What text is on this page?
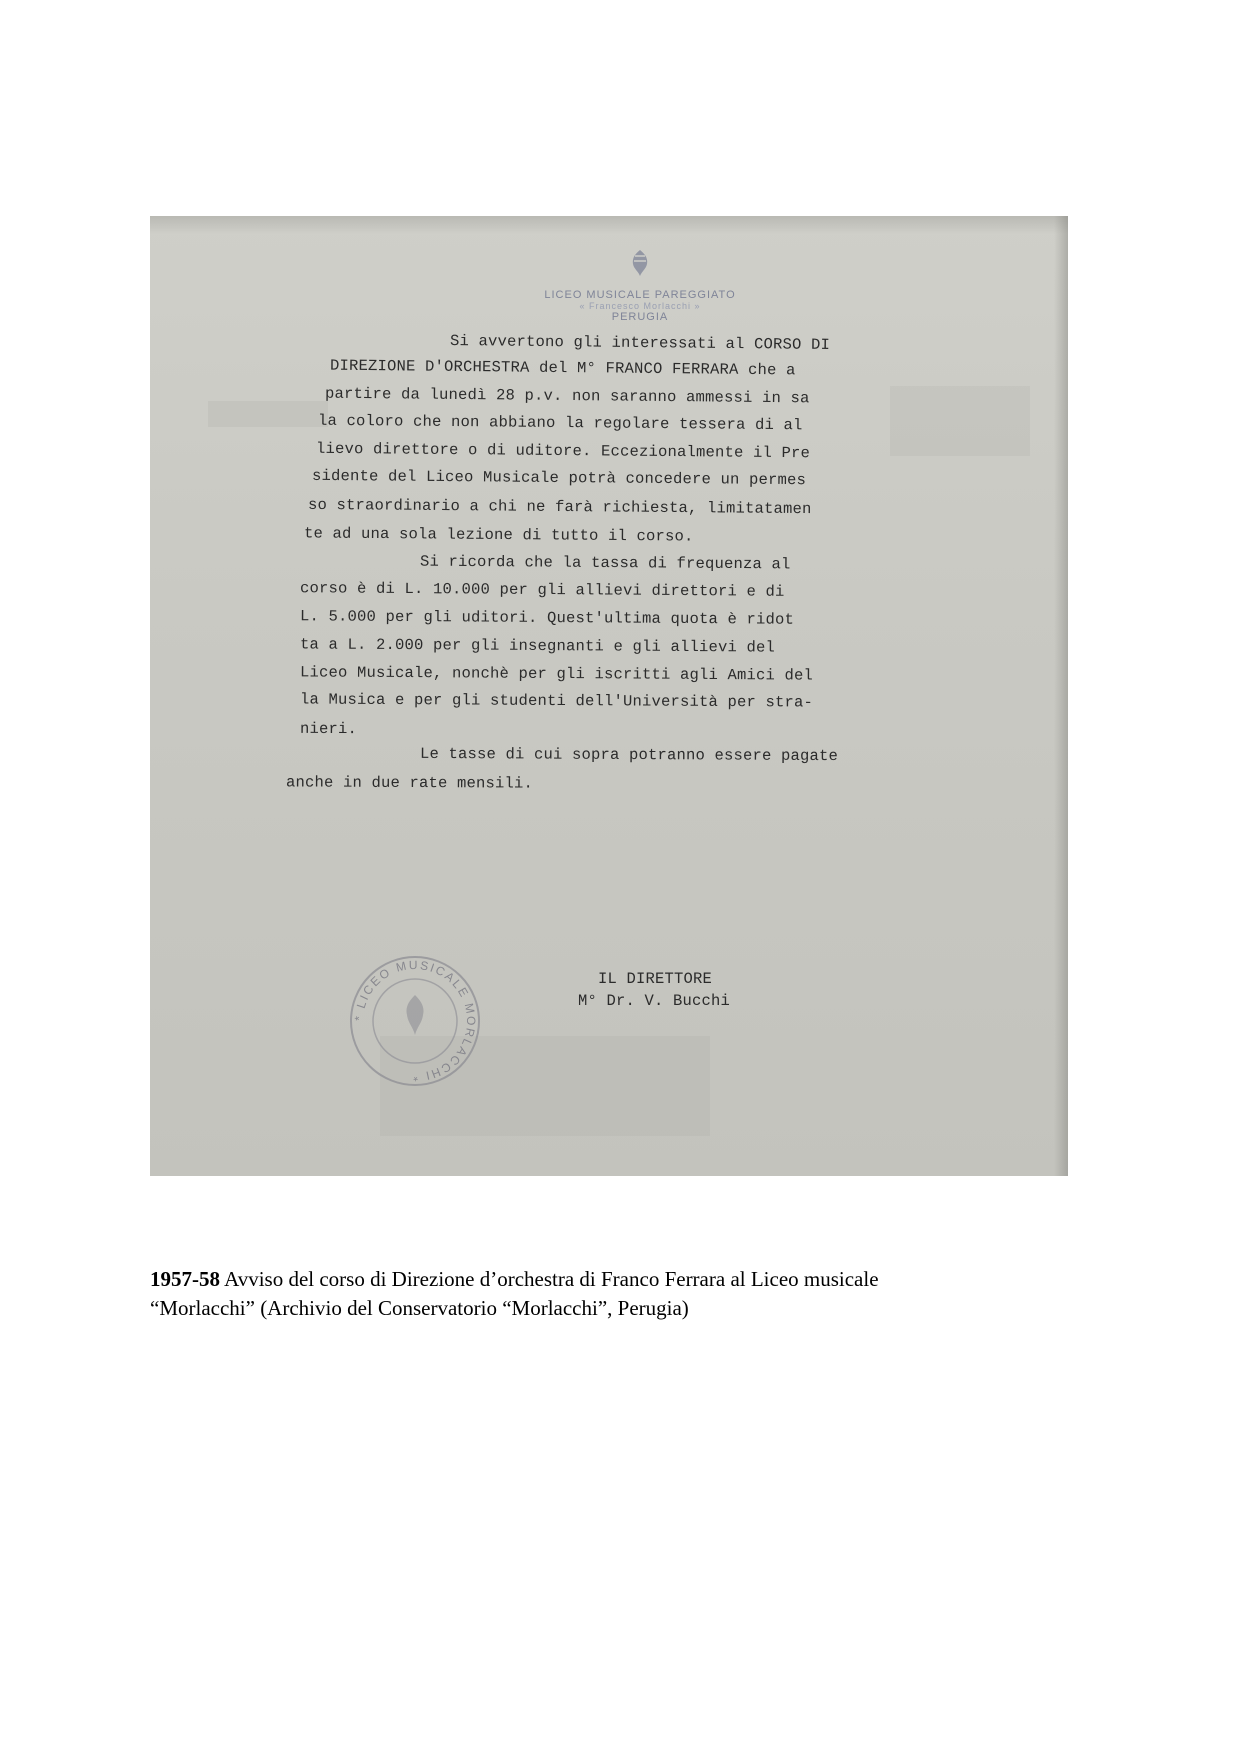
LICEO MUSICALE PAREGGIATO
« Francesco Morlacchi »
PERUGIA
Si avvertono gli interessati al CORSO DI
DIREZIONE D'ORCHESTRA del M° FRANCO FERRARA che a
partire da lunedì 28 p.v. non saranno ammessi in sa
la coloro che non abbiano la regolare tessera di al
lievo direttore o di uditore. Eccezionalmente il Pre
sidente del Liceo Musicale potrà concedere un permes
so straordinario a chi ne farà richiesta, limitatamen
te ad una sola lezione di tutto il corso.
Si ricorda che la tassa di frequenza al
corso è di L. 10.000 per gli allievi direttori e di
L. 5.000 per gli uditori. Quest'ultima quota è ridot
ta a L. 2.000 per gli insegnanti e gli allievi del
Liceo Musicale, nonchè per gli iscritti agli Amici del
la Musica e per gli studenti dell'Università per stra-
nieri.
Le tasse di cui sopra potranno essere pagate
anche in due rate mensili.
IL DIRETTORE
M° Dr. V. Bucchi
* LICEO MUSICALE MORLACCHI *
1957-58 Avviso del corso di Direzione d’orchestra di Franco Ferrara al Liceo musicale
“Morlacchi” (Archivio del Conservatorio “Morlacchi”, Perugia)
